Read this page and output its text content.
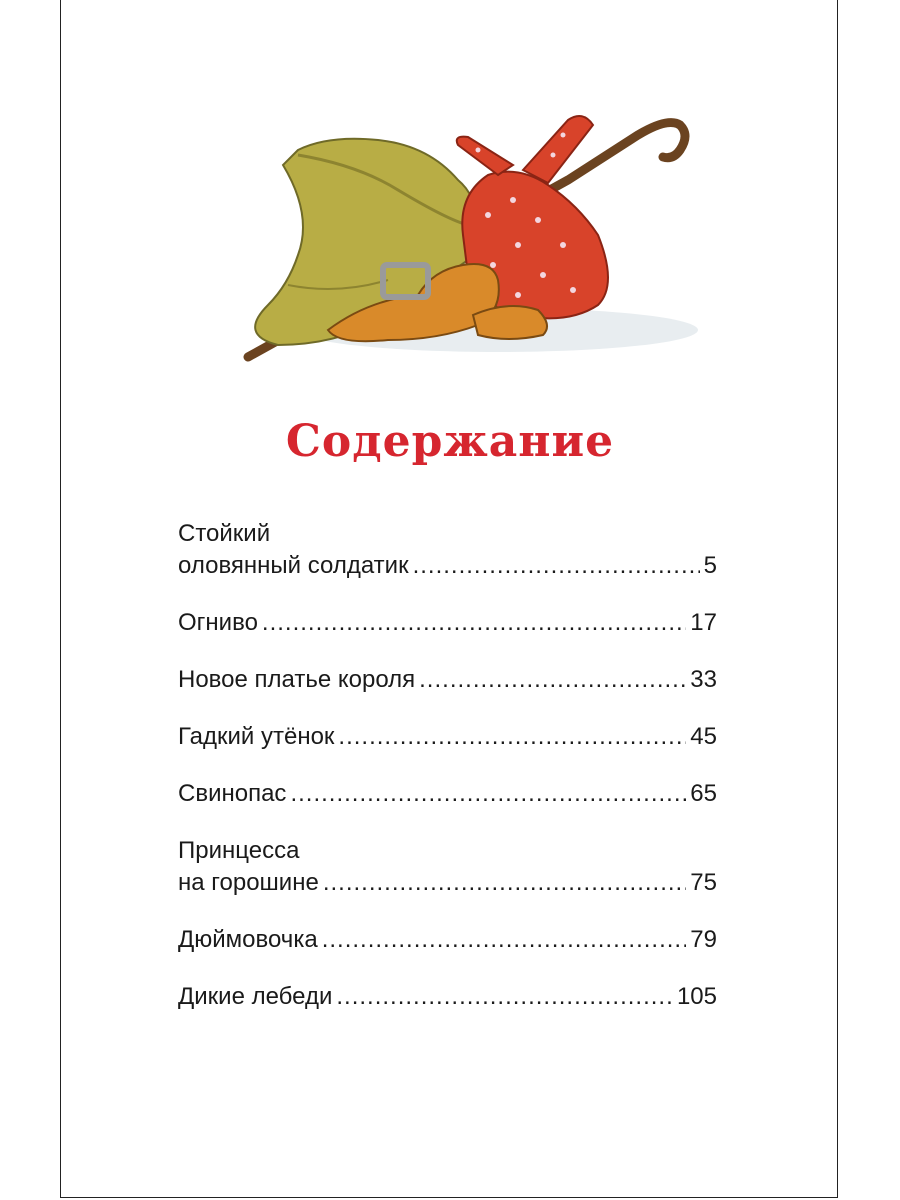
Содержание
Стойкий
оловянный солдатик .....	5
Огниво .....	17
Новое платье короля .....	33
Гадкий утёнок .....	45
Свинопас .....	65
Принцесса
на горошине .....	75
Дюймовочка .....	79
Дикие лебеди .....	105
